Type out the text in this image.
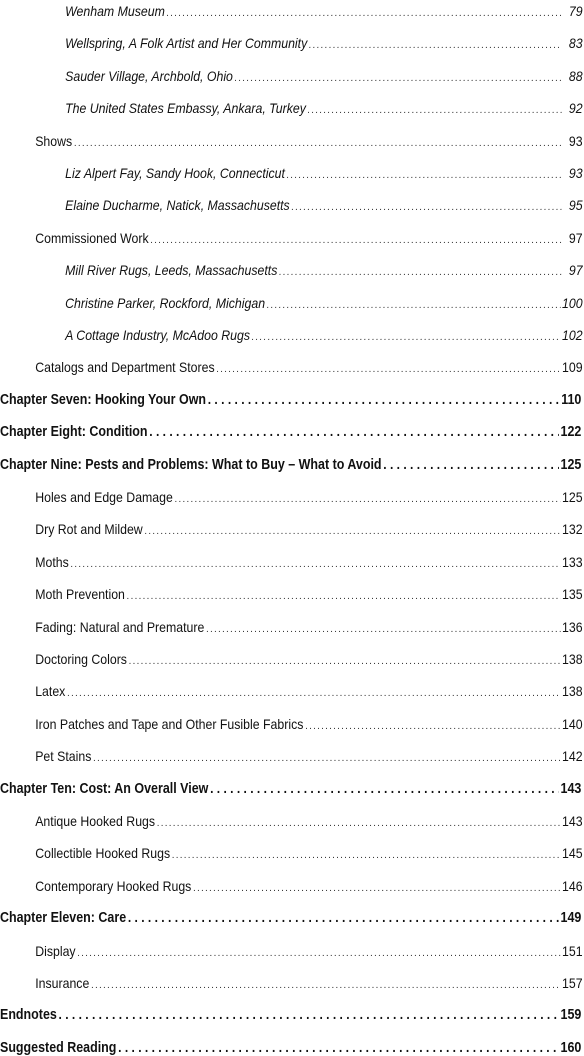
Wenham Museum . . .	79
Wellspring, A Folk Artist and Her Community . . .	83
Sauder Village, Archbold, Ohio . . .	88
The United States Embassy, Ankara, Turkey . . .	92
Shows . . .	93
Liz Alpert Fay, Sandy Hook, Connecticut . . .	93
Elaine Ducharme, Natick, Massachusetts . . .	95
Commissioned Work . . .	97
Mill River Rugs, Leeds, Massachusetts . . .	97
Christine Parker, Rockford, Michigan . . .	100
A Cottage Industry, McAdoo Rugs . . .	102
Catalogs and Department Stores . . .	109
Chapter Seven: Hooking Your Own . . .	110
Chapter Eight: Condition . . .	122
Chapter Nine: Pests and Problems: What to Buy – What to Avoid . . .	125
Holes and Edge Damage . . .	125
Dry Rot and Mildew . . .	132
Moths . . .	133
Moth Prevention . . .	135
Fading: Natural and Premature . . .	136
Doctoring Colors . . .	138
Latex . . .	138
Iron Patches and Tape and Other Fusible Fabrics . . .	140
Pet Stains . . .	142
Chapter Ten: Cost: An Overall View . . .	143
Antique Hooked Rugs . . .	143
Collectible Hooked Rugs . . .	145
Contemporary Hooked Rugs . . .	146
Chapter Eleven: Care . . .	149
Display . . .	151
Insurance . . .	157
Endnotes . . .	159
Suggested Reading . . .	160
